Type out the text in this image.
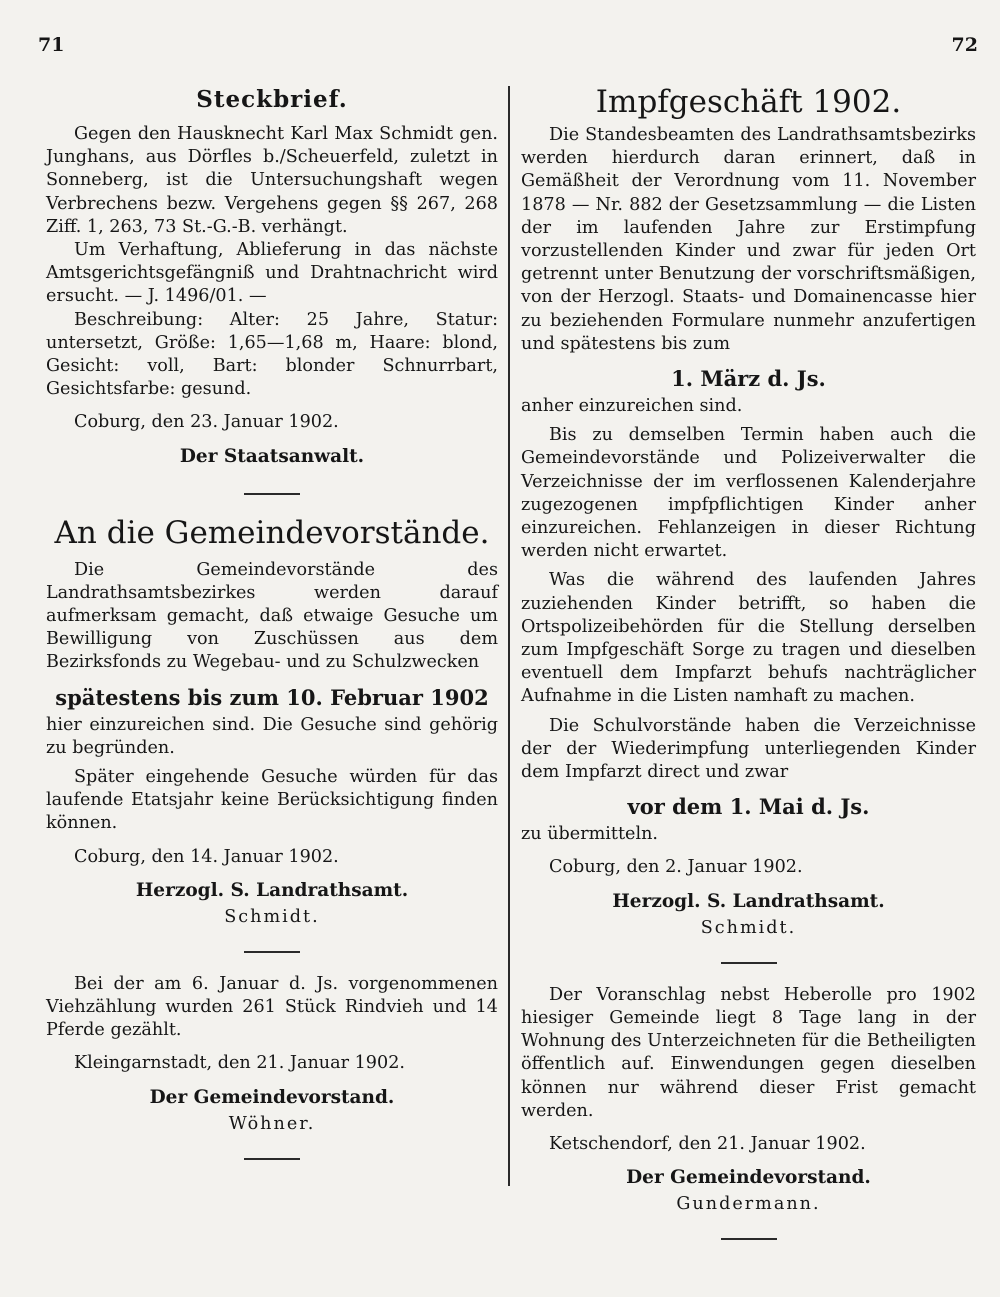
71	72
Steckbrief.

Gegen den Hausknecht Karl Max Schmidt gen. Junghans, aus Dörfles b./Scheuerfeld, zuletzt in Sonneberg, ist die Untersuchungshaft wegen Verbrechens bezw. Vergehens gegen §§ 267, 268 Ziff. 1, 263, 73 St.-G.-B. verhängt.

Um Verhaftung, Ablieferung in das nächste Amtsgerichtsgefängniß und Drahtnachricht wird ersucht. — J. 1496/01. —

Beschreibung: Alter: 25 Jahre, Statur: untersetzt, Größe: 1,65—1,68 m, Haare: blond, Gesicht: voll, Bart: blonder Schnurrbart, Gesichtsfarbe: gesund.

Coburg, den 23. Januar 1902.

Der Staatsanwalt.
An die Gemeindevorstände.

Die Gemeindevorstände des Landrathsamtsbezirkes werden darauf aufmerksam gemacht, daß etwaige Gesuche um Bewilligung von Zuschüssen aus dem Bezirksfonds zu Wegebau- und zu Schulzwecken

spätestens bis zum 10. Februar 1902

hier einzureichen sind. Die Gesuche sind gehörig zu begründen.

Später eingehende Gesuche würden für das laufende Etatsjahr keine Berücksichtigung finden können.

Coburg, den 14. Januar 1902.

Herzogl. S. Landrathsamt.
Schmidt.

Bei der am 6. Januar d. Js. vorgenommenen Viehzählung wurden 261 Stück Rindvieh und 14 Pferde gezählt.

Kleingarnstadt, den 21. Januar 1902.

Der Gemeindevorstand.
Wöhner.
Impfgeschäft 1902.

Die Standesbeamten des Landrathsamtsbezirks werden hierdurch daran erinnert, daß in Gemäßheit der Verordnung vom 11. November 1878 — Nr. 882 der Gesetzsammlung — die Listen der im laufenden Jahre zur Erstimpfung vorzustellenden Kinder und zwar für jeden Ort getrennt unter Benutzung der vorschriftsmäßigen, von der Herzogl. Staats- und Domainencasse hier zu beziehenden Formulare nunmehr anzufertigen und spätestens bis zum

1. März d. Js.

anher einzureichen sind.

Bis zu demselben Termin haben auch die Gemeindevorstände und Polizeiverwalter die Verzeichnisse der im verflossenen Kalenderjahre zugezogenen impfpflichtigen Kinder anher einzureichen. Fehlanzeigen in dieser Richtung werden nicht erwartet.

Was die während des laufenden Jahres zuziehenden Kinder betrifft, so haben die Ortspolizeibehörden für die Stellung derselben zum Impfgeschäft Sorge zu tragen und dieselben eventuell dem Impfarzt behufs nachträglicher Aufnahme in die Listen namhaft zu machen.

Die Schulvorstände haben die Verzeichnisse der der Wiederimpfung unterliegenden Kinder dem Impfarzt direct und zwar

vor dem 1. Mai d. Js.

zu übermitteln.

Coburg, den 2. Januar 1902.

Herzogl. S. Landrathsamt.
Schmidt.

Der Voranschlag nebst Heberolle pro 1902 hiesiger Gemeinde liegt 8 Tage lang in der Wohnung des Unterzeichneten für die Betheiligten öffentlich auf. Einwendungen gegen dieselben können nur während dieser Frist gemacht werden.

Ketschendorf, den 21. Januar 1902.

Der Gemeindevorstand.
Gundermann.
